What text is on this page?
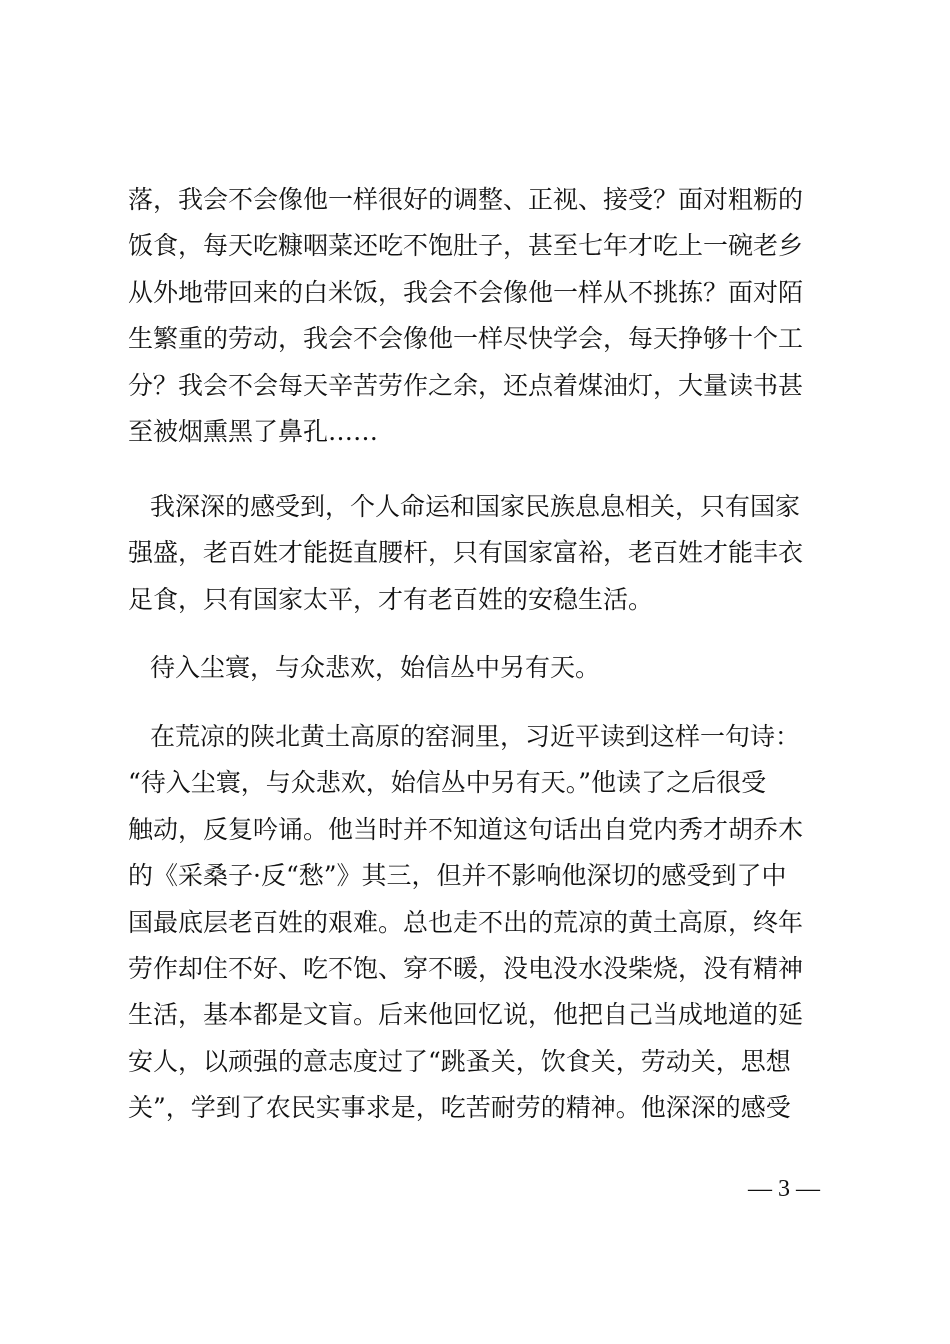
落，我会不会像他一样很好的调整、正视、接受？面对粗粝的
饭食，每天吃糠咽菜还吃不饱肚子，甚至七年才吃上一碗老乡
从外地带回来的白米饭，我会不会像他一样从不挑拣？面对陌
生繁重的劳动，我会不会像他一样尽快学会，每天挣够十个工
分？我会不会每天辛苦劳作之余，还点着煤油灯，大量读书甚
至被烟熏黑了鼻孔……
我深深的感受到，个人命运和国家民族息息相关，只有国家
强盛，老百姓才能挺直腰杆，只有国家富裕，老百姓才能丰衣
足食，只有国家太平，才有老百姓的安稳生活。
待入尘寰，与众悲欢，始信丛中另有天。
在荒凉的陕北黄土高原的窑洞里，习近平读到这样一句诗：
“待入尘寰，与众悲欢，始信丛中另有天。”他读了之后很受
触动，反复吟诵。他当时并不知道这句话出自党内秀才胡乔木
的《采桑子·反“愁”》其三，但并不影响他深切的感受到了中
国最底层老百姓的艰难。总也走不出的荒凉的黄土高原，终年
劳作却住不好、吃不饱、穿不暖，没电没水没柴烧，没有精神
生活，基本都是文盲。后来他回忆说，他把自己当成地道的延
安人，以顽强的意志度过了“跳蚤关，饮食关，劳动关，思想
关”，学到了农民实事求是，吃苦耐劳的精神。他深深的感受
— 3 —
